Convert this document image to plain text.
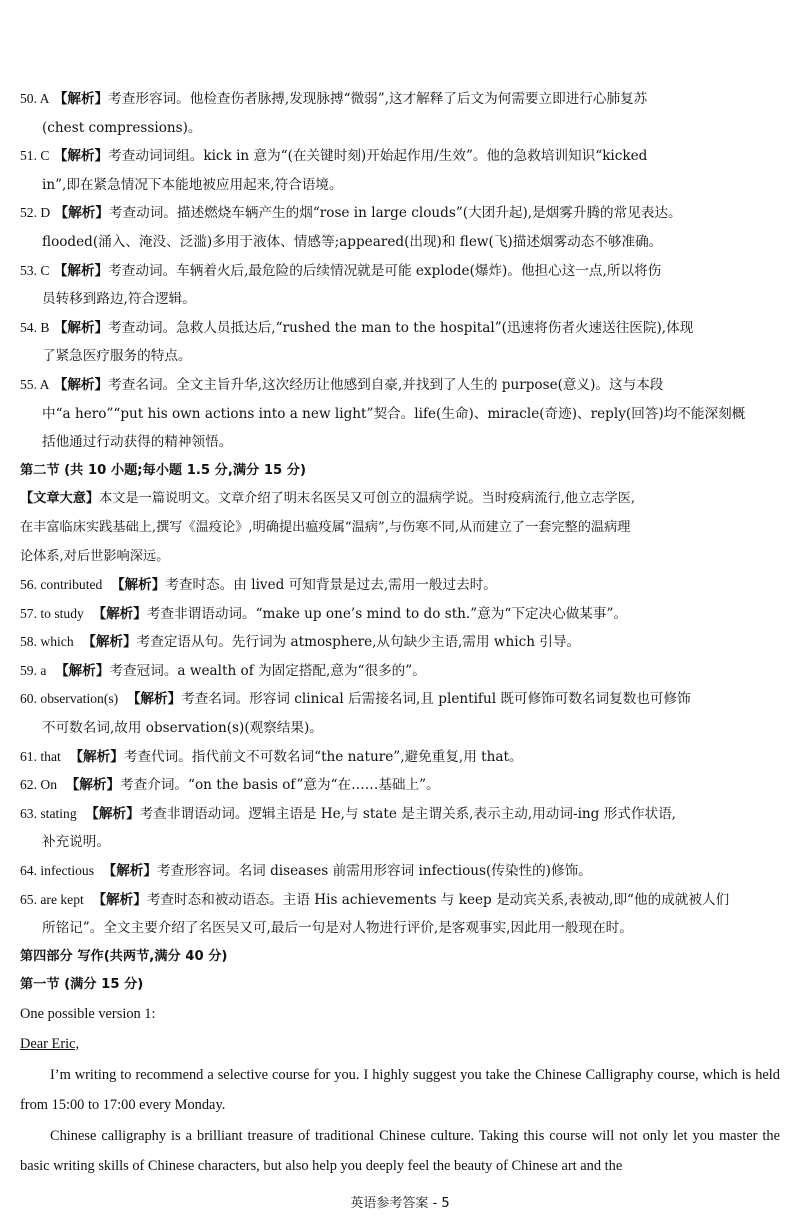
50. A 【解析】考查形容词。他检查伤者脉搏,发现脉搏“微弱”,这才解释了后文为何需要立即进行心肺复苏

(chest compressions)。

51. C 【解析】考查动词词组。kick in 意为“(在关键时刻)开始起作用/生效”。他的急救培训知识“kicked

in”,即在紧急情况下本能地被应用起来,符合语境。

52. D 【解析】考查动词。描述燃烧车辆产生的烟“rose in large clouds”(大团升起),是烟雾升腾的常见表达。

flooded(涌入、淹没、泛滥)多用于液体、情感等;appeared(出现)和 flew(飞)描述烟雾动态不够准确。

53. C 【解析】考查动词。车辆着火后,最危险的后续情况就是可能 explode(爆炸)。他担心这一点,所以将伤

员转移到路边,符合逻辑。

54. B 【解析】考查动词。急救人员抵达后,“rushed the man to the hospital”(迅速将伤者火速送往医院),体现

了紧急医疗服务的特点。

55. A 【解析】考查名词。全文主旨升华,这次经历让他感到自豪,并找到了人生的 purpose(意义)。这与本段

中“a hero”“put his own actions into a new light”契合。life(生命)、miracle(奇迹)、reply(回答)均不能深刻概

括他通过行动获得的精神领悟。

第二节 (共 10 小题;每小题 1.5 分,满分 15 分)

【文章大意】本文是一篇说明文。文章介绍了明末名医吴又可创立的温病学说。当时疫病流行,他立志学医,

在丰富临床实践基础上,撰写《温疫论》,明确提出瘟疫属“温病”,与伤寒不同,从而建立了一套完整的温病理

论体系,对后世影响深远。

56. contributed 【解析】考查时态。由 lived 可知背景是过去,需用一般过去时。

57. to study 【解析】考查非谓语动词。“make up one’s mind to do sth.”意为“下定决心做某事”。

58. which 【解析】考查定语从句。先行词为 atmosphere,从句缺少主语,需用 which 引导。

59. a 【解析】考查冠词。a wealth of 为固定搭配,意为“很多的”。

60. observation(s) 【解析】考查名词。形容词 clinical 后需接名词,且 plentiful 既可修饰可数名词复数也可修饰

不可数名词,故用 observation(s)(观察结果)。

61. that 【解析】考查代词。指代前文不可数名词“the nature”,避免重复,用 that。

62. On 【解析】考查介词。“on the basis of”意为“在……基础上”。

63. stating 【解析】考查非谓语动词。逻辑主语是 He,与 state 是主谓关系,表示主动,用动词-ing 形式作状语,

补充说明。

64. infectious 【解析】考查形容词。名词 diseases 前需用形容词 infectious(传染性的)修饰。

65. are kept 【解析】考查时态和被动语态。主语 His achievements 与 keep 是动宾关系,表被动,即“他的成就被人们

所铭记”。全文主要介绍了名医吴又可,最后一句是对人物进行评价,是客观事实,因此用一般现在时。

第四部分 写作(共两节,满分 40 分)

第一节 (满分 15 分)

One possible version 1:

Dear Eric,

I’m writing to recommend a selective course for you. I highly suggest you take the Chinese Calligraphy course, which is held from 15:00 to 17:00 every Monday.

Chinese calligraphy is a brilliant treasure of traditional Chinese culture. Taking this course will not only let you master the basic writing skills of Chinese characters, but also help you deeply feel the beauty of Chinese art and the

英语参考答案 - 5
